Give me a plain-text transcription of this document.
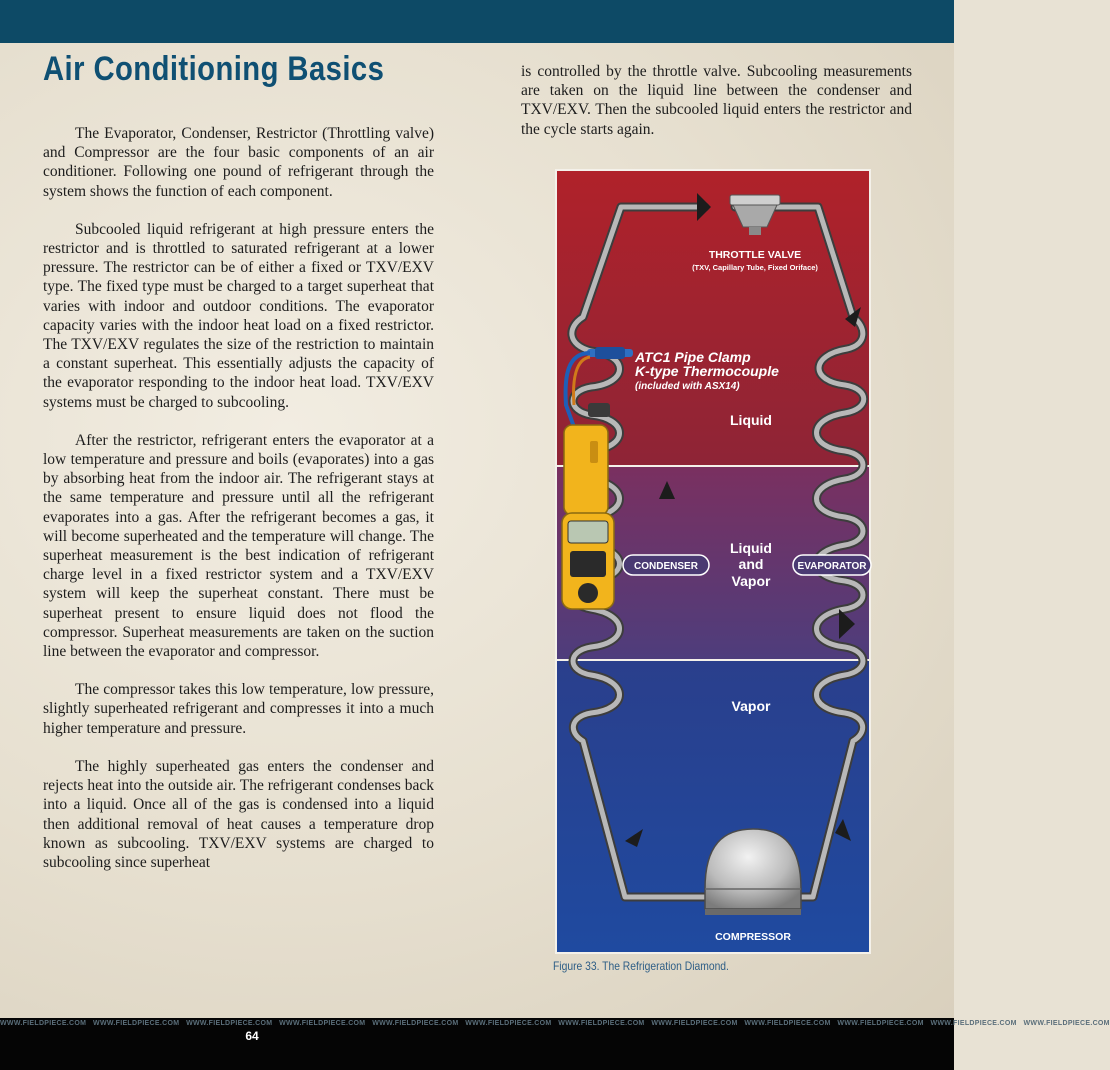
Air Conditioning Basics

The Evaporator, Condenser, Restrictor (Throttling valve) and Compressor are the four basic components of an air conditioner. Following one pound of refrigerant through the system shows the function of each component.

Subcooled liquid refrigerant at high pressure enters the restrictor and is throttled to saturated refrigerant at a lower pressure. The restrictor can be of either a fixed or TXV/EXV type. The fixed type must be charged to a target superheat that varies with indoor and outdoor conditions. The evaporator capacity varies with the indoor heat load on a fixed restrictor. The TXV/EXV regulates the size of the restriction to maintain a constant superheat. This essentially adjusts the capacity of the evaporator responding to the indoor heat load. TXV/EXV systems must be charged to subcooling.

After the restrictor, refrigerant enters the evaporator at a low temperature and pressure and boils (evaporates) into a gas by absorbing heat from the indoor air. The refrigerant stays at the same temperature and pressure until all the refrigerant evaporates into a gas. After the refrigerant becomes a gas, it will become superheated and the temperature will change. The superheat measurement is the best indication of refrigerant charge level in a fixed restrictor system and a TXV/EXV system will keep the superheat constant. There must be superheat present to ensure liquid does not flood the compressor. Superheat measurements are taken on the suction line between the evaporator and compressor.

The compressor takes this low temperature, low pressure, slightly superheated refrigerant and compresses it into a much higher temperature and pressure.

The highly superheated gas enters the condenser and rejects heat into the outside air. The refrigerant condenses back into a liquid. Once all of the gas is condensed into a liquid then additional removal of heat causes a temperature drop known as subcooling. TXV/EXV systems are charged to subcooling since superheat

is controlled by the throttle valve. Subcooling measurements are taken on the liquid line between the condenser and TXV/EXV. Then the subcooled liquid enters the restrictor and the cycle starts again.

THROTTLE VALVE
(TXV, Capillary Tube, Fixed Oriface)
ATC1 Pipe Clamp
K-type Thermocouple
(included with ASX14)
Liquid
Liquid
and
Vapor
Vapor
CONDENSER	EVAPORATOR
COMPRESSOR
Figure 33. The Refrigeration Diamond.
WWW.FIELDPIECE.COM WWW.FIELDPIECE.COM WWW.FIELDPIECE.COM WWW.FIELDPIECE.COM WWW.FIELDPIECE.COM WWW.FIELDPIECE.COM WWW.FIELDPIECE.COM WWW.FIELDPIECE.COM WWW.FIELDPIECE.COM WWW.FIELDPIECE.COM WWW.FIELDPIECE.COM WWW.FIELDPIECE.COM
64
